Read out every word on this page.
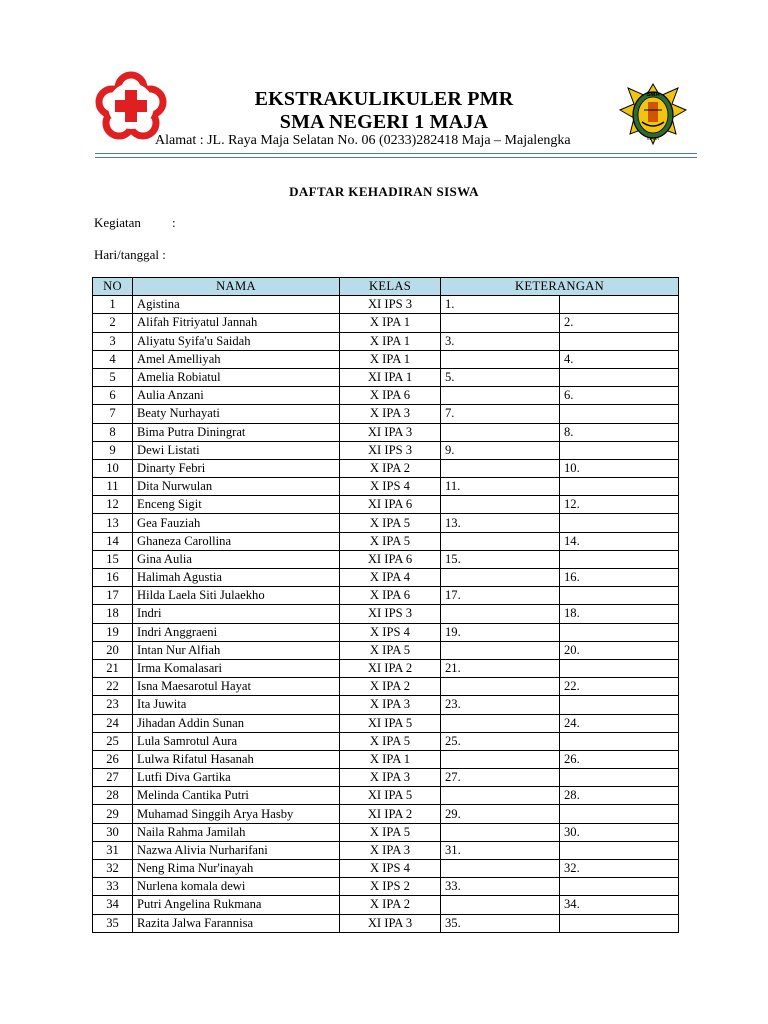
SMA
MAJA
EKSTRAKULIKULER PMR
SMA NEGERI 1 MAJA
Alamat : JL. Raya Maja Selatan No. 06 (0233)282418 Maja – Majalengka
DAFTAR KEHADIRAN SISWA
Kegiatan :
Hari/tanggal :
NO	NAMA	KELAS	KETERANGAN	
1	Agistina	XI IPS 3	1.	
2	Alifah Fitriyatul Jannah	X IPA 1		2.
3	Aliyatu Syifa'u Saidah	X IPA 1	3.	
4	Amel Amelliyah	X IPA 1		4.
5	Amelia Robiatul	XI IPA 1	5.	
6	Aulia Anzani	X IPA 6		6.
7	Beaty Nurhayati	X IPA 3	7.	
8	Bima Putra Diningrat	XI IPA 3		8.
9	Dewi Listati	XI IPS 3	9.	
10	Dinarty Febri	X IPA 2		10.
11	Dita Nurwulan	X IPS 4	11.	
12	Enceng Sigit	XI IPA 6		12.
13	Gea Fauziah	X IPA 5	13.	
14	Ghaneza Carollina	X IPA 5		14.
15	Gina Aulia	XI IPA 6	15.	
16	Halimah Agustia	X IPA 4		16.
17	Hilda Laela Siti Julaekho	X IPA 6	17.	
18	Indri	XI IPS 3		18.
19	Indri Anggraeni	X IPS 4	19.	
20	Intan Nur Alfiah	X IPA 5		20.
21	Irma Komalasari	XI IPA 2	21.	
22	Isna Maesarotul Hayat	X IPA 2		22.
23	Ita Juwita	X IPA 3	23.	
24	Jihadan Addin Sunan	XI IPA 5		24.
25	Lula Samrotul Aura	X IPA 5	25.	
26	Lulwa Rifatul Hasanah	X IPA 1		26.
27	Lutfi Diva Gartika	X IPA 3	27.	
28	Melinda Cantika Putri	XI IPA 5		28.
29	Muhamad Singgih Arya Hasby	XI IPA 2	29.	
30	Naila Rahma Jamilah	X IPA 5		30.
31	Nazwa Alivia Nurharifani	X IPA 3	31.	
32	Neng Rima Nur'inayah	X IPS 4		32.
33	Nurlena komala dewi	X IPS 2	33.	
34	Putri Angelina Rukmana	X IPA 2		34.
35	Razita Jalwa Farannisa	XI IPA 3	35.	
